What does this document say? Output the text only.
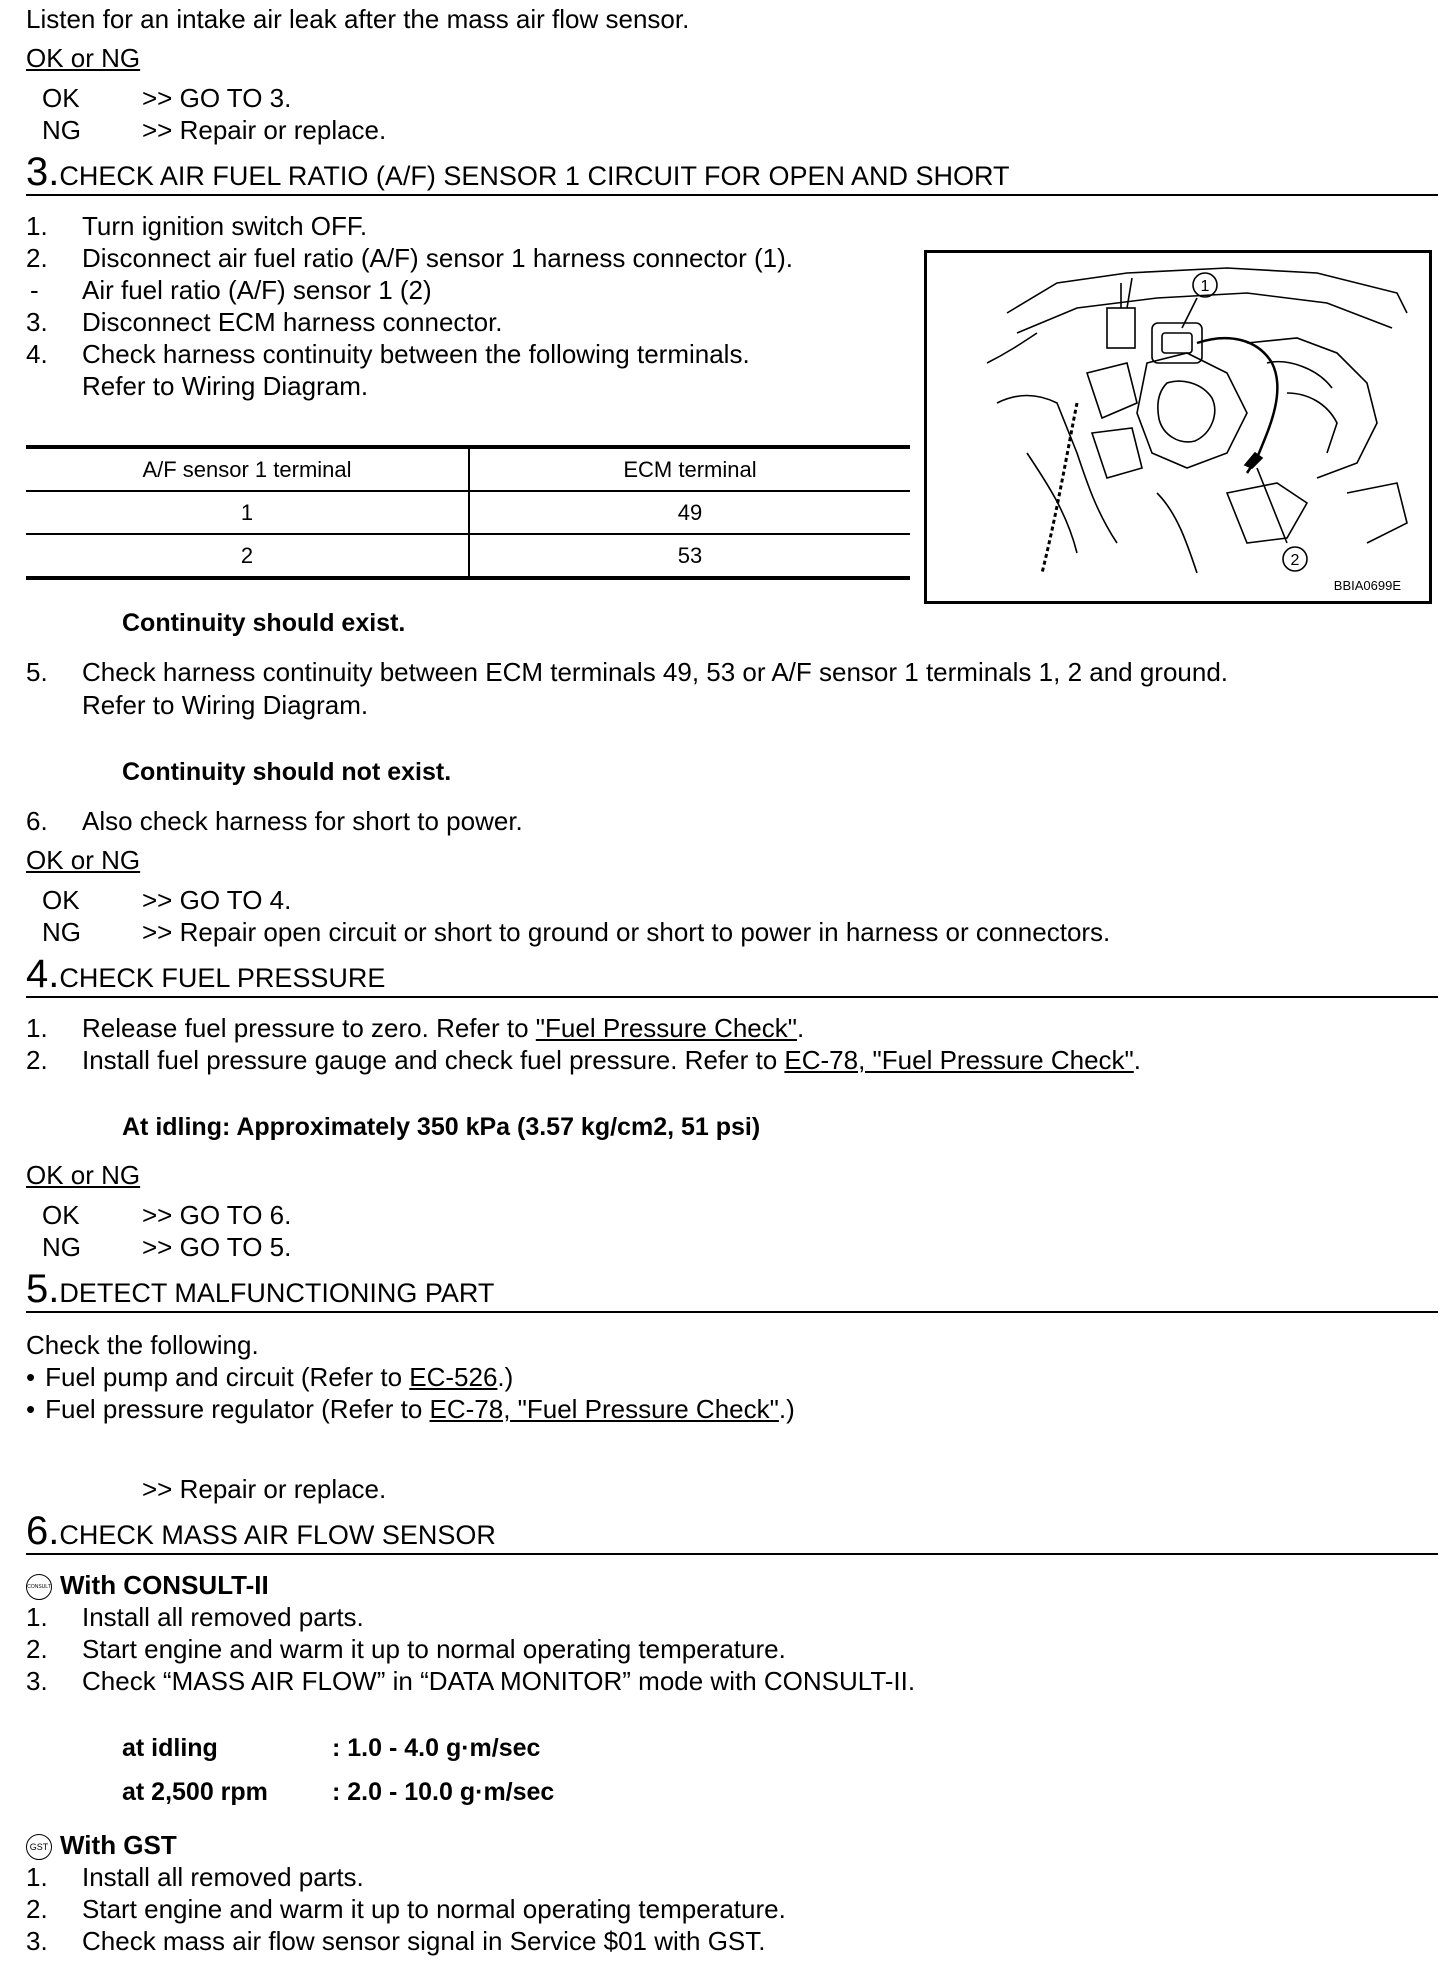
Listen for an intake air leak after the mass air flow sensor.
OK or NG
OK >> GO TO 3.
NG >> Repair or replace.
3.CHECK AIR FUEL RATIO (A/F) SENSOR 1 CIRCUIT FOR OPEN AND SHORT
1.	Turn ignition switch OFF.
2.	Disconnect air fuel ratio (A/F) sensor 1 harness connector (1).
-	Air fuel ratio (A/F) sensor 1 (2)
3.	Disconnect ECM harness connector.
4.	Check harness continuity between the following terminals.
Refer to Wiring Diagram.
A/F sensor 1 terminal	ECM terminal
1	49
2	53
1
2
BBIA0699E
Continuity should exist.
5.	Check harness continuity between ECM terminals 49, 53 or A/F sensor 1 terminals 1, 2 and ground.
Refer to Wiring Diagram.
Continuity should not exist.
6.	Also check harness for short to power.
OK or NG
OK >> GO TO 4.
NG >> Repair open circuit or short to ground or short to power in harness or connectors.
4.CHECK FUEL PRESSURE
1.	Release fuel pressure to zero. Refer to "Fuel Pressure Check".
2.	Install fuel pressure gauge and check fuel pressure. Refer to EC-78, "Fuel Pressure Check".
At idling: Approximately 350 kPa (3.57 kg/cm2, 51 psi)
OK or NG
OK >> GO TO 6.
NG >> GO TO 5.
5.DETECT MALFUNCTIONING PART
Check the following.
• Fuel pump and circuit (Refer to EC-526.)
• Fuel pressure regulator (Refer to EC-78, "Fuel Pressure Check".)
>> Repair or replace.
6.CHECK MASS AIR FLOW SENSOR
CONSULT With CONSULT-II
1.	Install all removed parts.
2.	Start engine and warm it up to normal operating temperature.
3.	Check “MASS AIR FLOW” in “DATA MONITOR” mode with CONSULT-II.
at idling	: 1.0 - 4.0 g·m/sec
at 2,500 rpm	: 2.0 - 10.0 g·m/sec
GST With GST
1.	Install all removed parts.
2.	Start engine and warm it up to normal operating temperature.
3.	Check mass air flow sensor signal in Service $01 with GST.
